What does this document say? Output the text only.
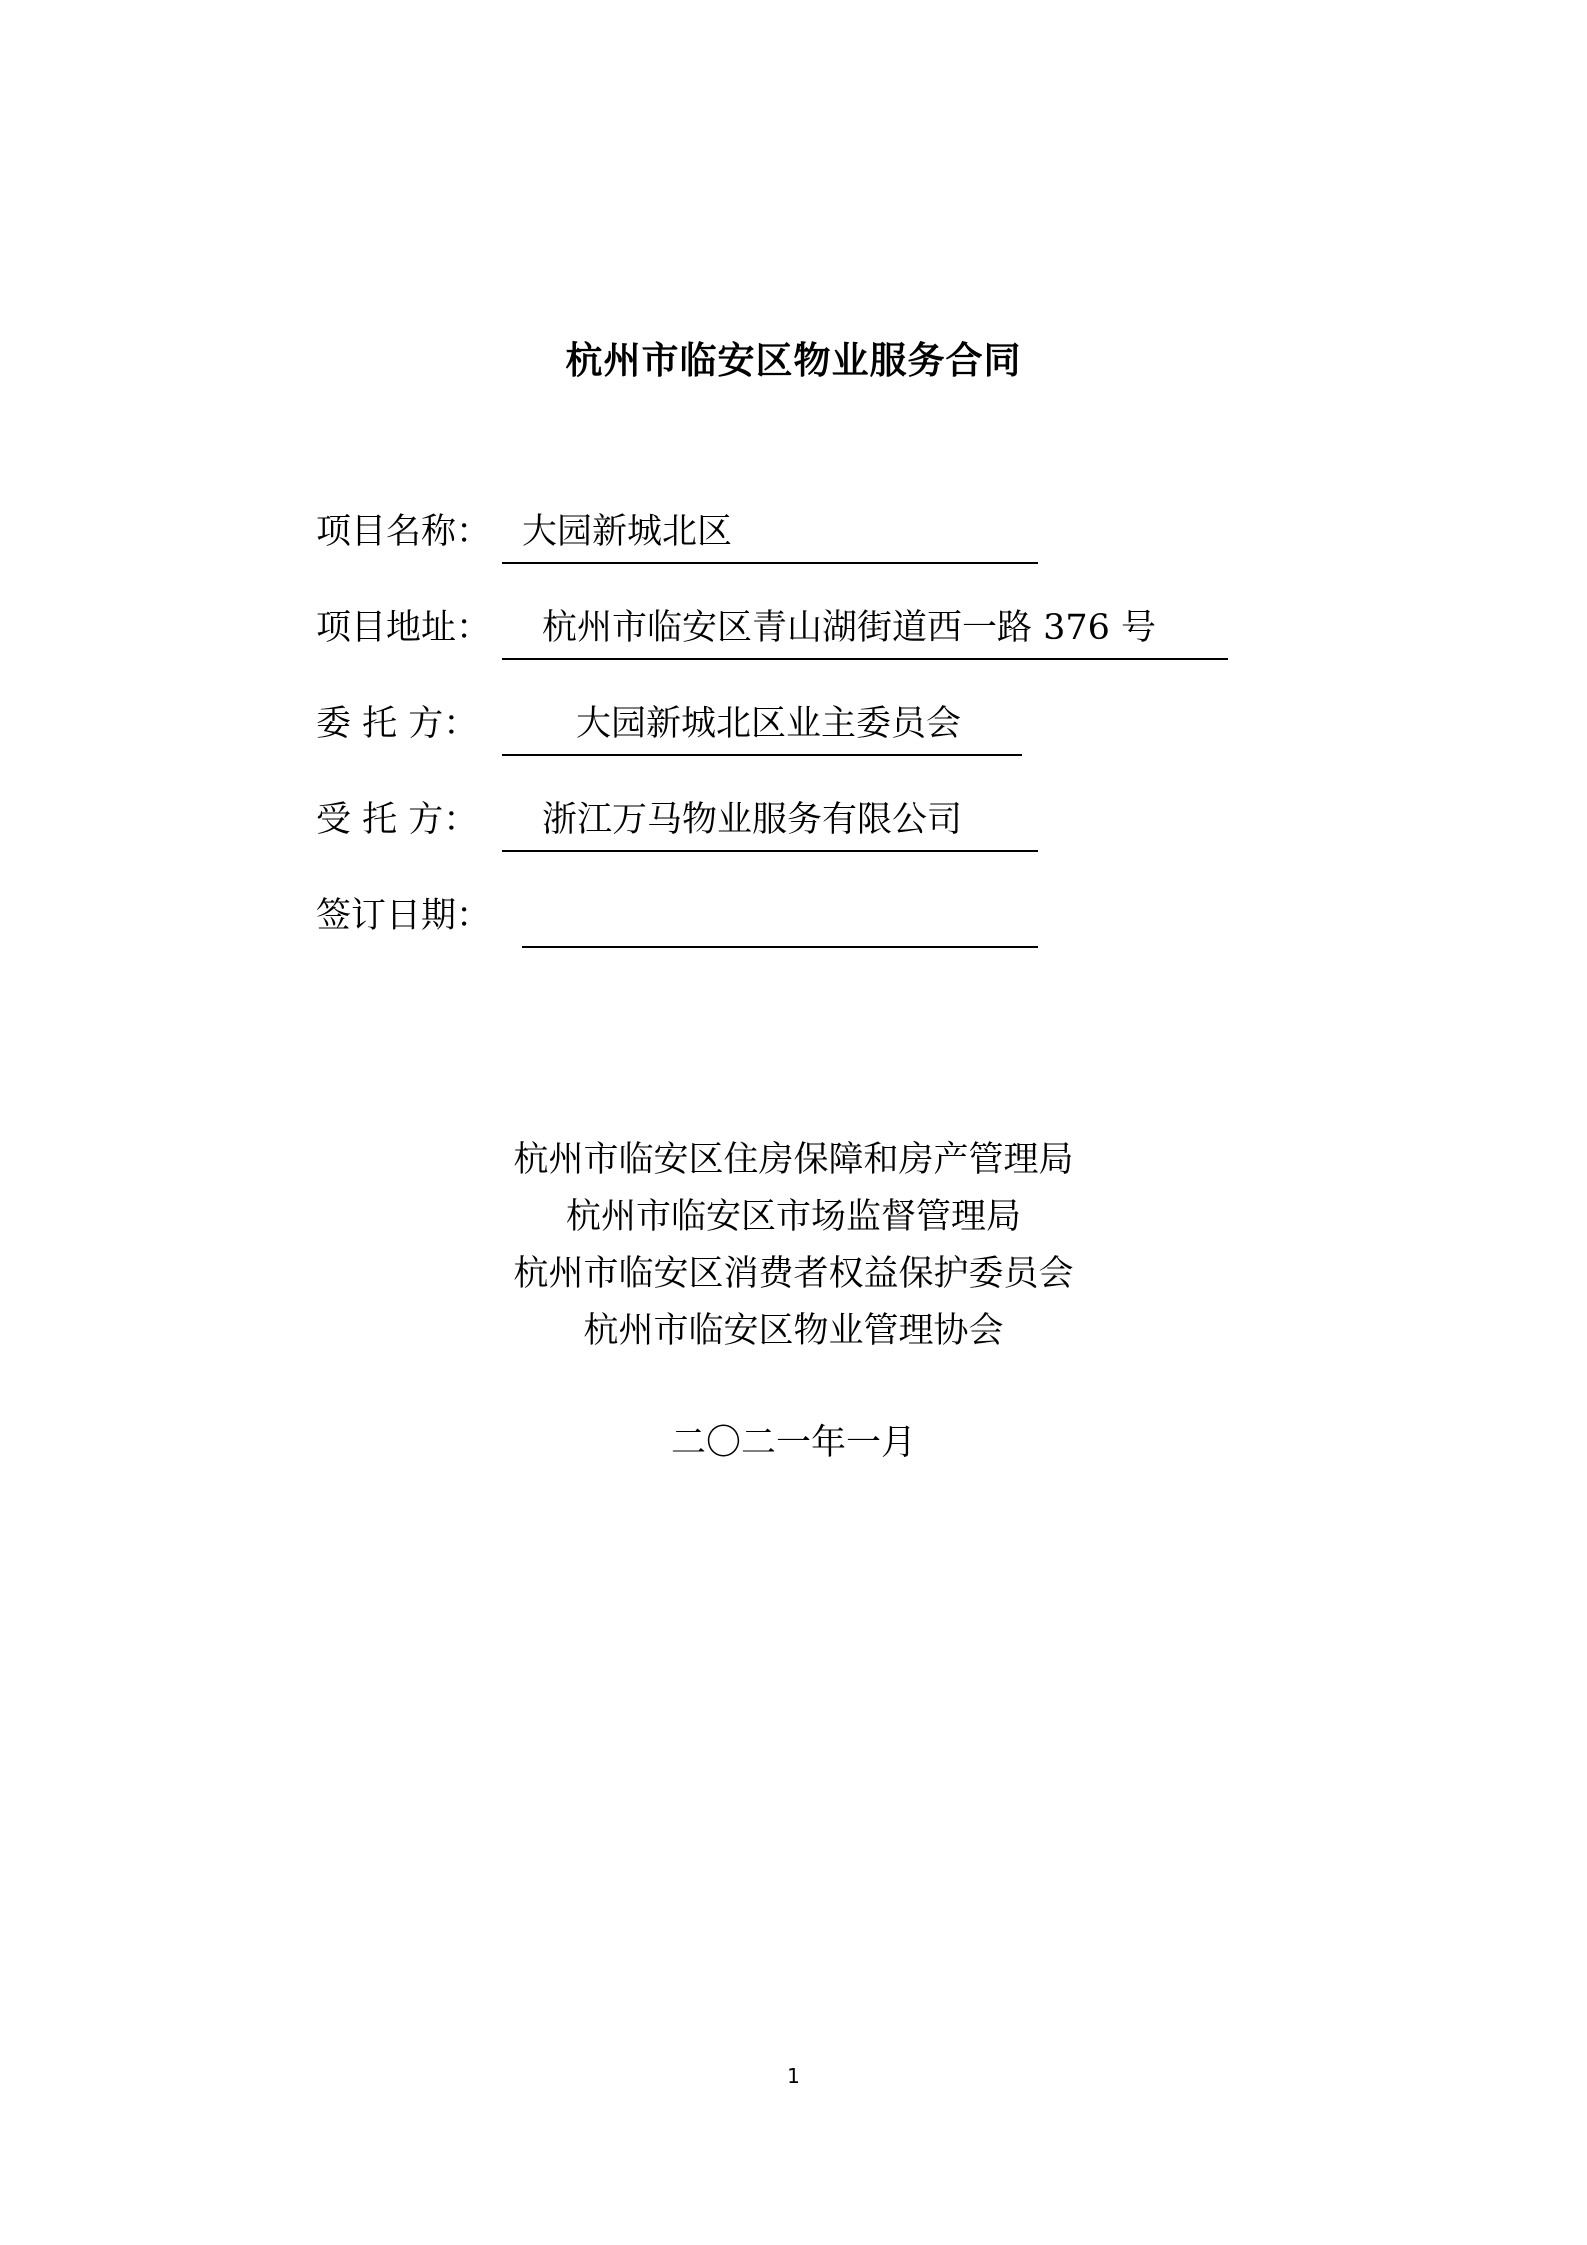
杭州市临安区物业服务合同
项目名称： 大园新城北区
项目地址： 杭州市临安区青山湖街道西一路 376 号
委 托 方：	大园新城北区业主委员会
受 托 方： 浙江万马物业服务有限公司
签订日期：
杭州市临安区住房保障和房产管理局
杭州市临安区市场监督管理局
杭州市临安区消费者权益保护委员会
杭州市临安区物业管理协会
二〇二一年一月
1
